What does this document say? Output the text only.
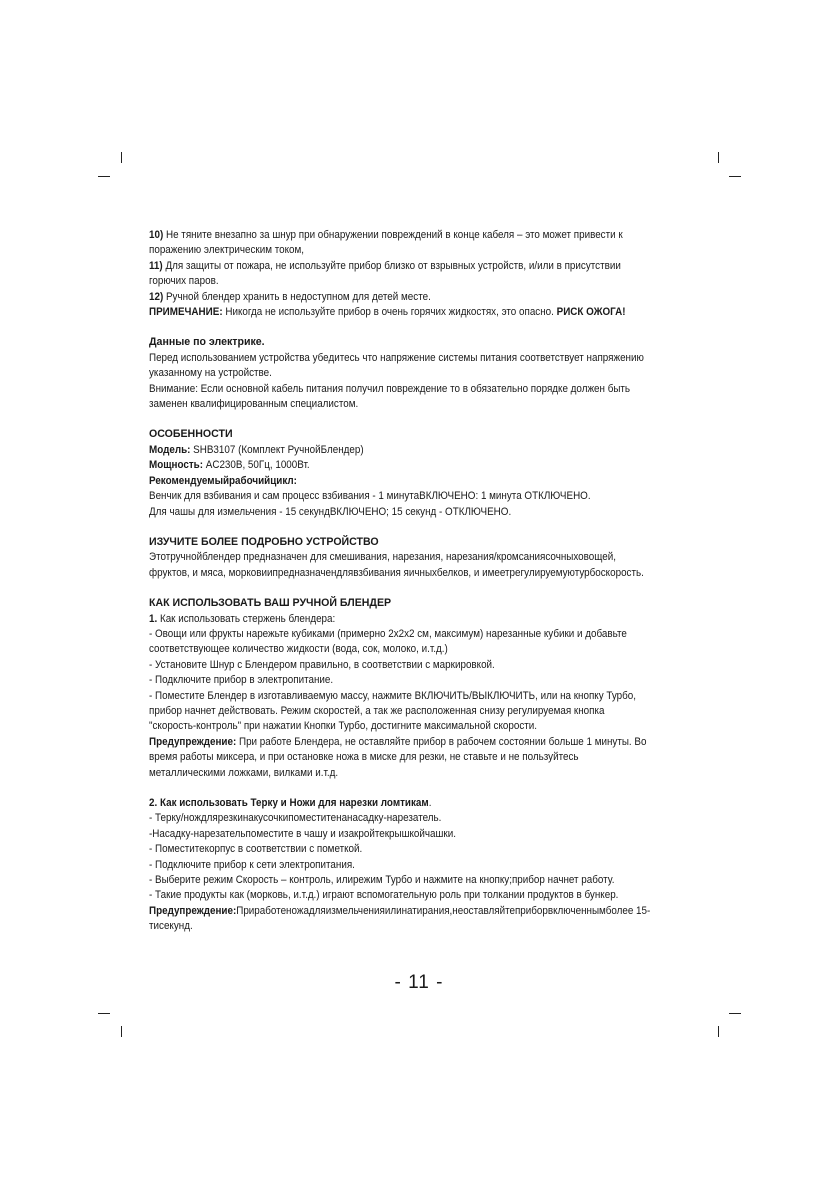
10) Не тяните внезапно за шнур при обнаружении повреждений в конце кабеля – это может привести к поражению электрическим током,

11) Для защиты от пожара, не используйте прибор близко от взрывных устройств, и/или в присутствии горючих паров.

12) Ручной блендер хранить в недоступном для детей месте.

ПРИМЕЧАНИЕ: Никогда не используйте прибор в очень горячих жидкостях, это опасно. РИСК ОЖОГА!

Данные по электрике.

Перед использованием устройства убедитесь что напряжение системы питания соответствует напряжению указанному на устройстве.

Внимание: Если основной кабель питания получил повреждение то в обязательно порядке должен быть заменен квалифицированным специалистом.

ОСОБЕННОСТИ

Модель: SHB3107 (Комплект РучнойБлендер)

Мощность: AC230В, 50Гц, 1000Вт.

Рекомендуемыйрабочийцикл:

Венчик для взбивания и сам процесс взбивания - 1 минутаВКЛЮЧЕНО: 1 минута ОТКЛЮЧЕНО.

Для чашы для измельчения - 15 секундВКЛЮЧЕНО; 15 секунд - ОТКЛЮЧЕНО.

ИЗУЧИТЕ БОЛЕЕ ПОДРОБНО УСТРОЙСТВО

Этотручнойблендер предназначен для смешивания, нарезания, нарезания/кромсаниясочныховощей, фруктов, и мяса, морковиипредназначендлявзбивания яичныхбелков, и имеетрегулируемуютурбоскорость.

КАК ИСПОЛЬЗОВАТЬ ВАШ РУЧНОЙ БЛЕНДЕР

1. Как использовать стержень блендера:

- Овощи или фрукты нарежьте кубиками (примерно 2х2х2 см, максимум) нарезанные кубики и добавьте соответствующее количество жидкости (вода, сок, молоко, и.т.д.)

- Установите Шнур с Блендером правильно, в соответствии с маркировкой.

- Подключите прибор в электропитание.

- Поместите Блендер в изготавливаемую массу, нажмите ВКЛЮЧИТЬ/ВЫКЛЮЧИТЬ, или на кнопку Турбо, прибор начнет действовать. Режим скоростей, а так же расположенная снизу регулируемая кнопка "скорость-контроль" при нажатии Кнопки Турбо, достигните максимальной скорости.

Предупреждение: При работе Блендера, не оставляйте прибор в рабочем состоянии больше 1 минуты. Во время работы миксера, и при остановке ножа в миске для резки, не ставьте и не пользуйтесь металлическими ложками, вилками и.т.д.

2. Как использовать Терку и Ножи для нарезки ломтикам.

- Терку/нождлярезкинакусочкипоместитенанасадку-нарезатель.

-Насадку-нарезательпоместите в чашу и изакройтекрышкойчашки.

- Поместитекорпус в соответствии с пометкой.

- Подключите прибор к сети электропитания.

- Выберите режим Скорость – контроль, илирежим Турбо и нажмите на кнопку;прибор начнет работу.

- Такие продукты как (морковь, и.т.д.) играют вспомогательную роль при толкании продуктов в бункер.

Предупреждение:Приработеножадляизмельченияилинатирания,неоставляйтеприборвключеннымболее 15-тисекунд.

- 11 -
